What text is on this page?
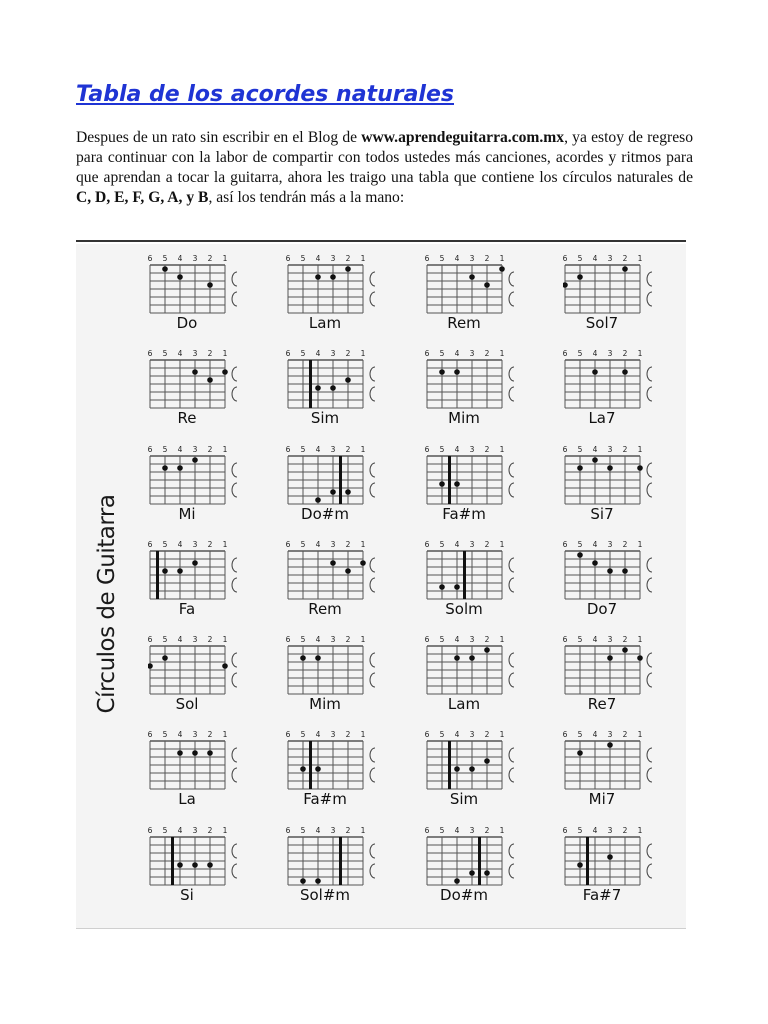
Tabla de los acordes naturales

Despues de un rato sin escribir en el Blog de www.aprendeguitarra.com.mx, ya estoy de regreso para continuar con la labor de compartir con todos ustedes más canciones, acordes y ritmos para que aprendan a tocar la guitarra, ahora les traigo una tabla que contiene los círculos naturales de C, D, E, F, G, A, y B, así los tendrán más a la mano:

Círculos de Guitarra
6 5 4 3 2 1
Do
6 5 4 3 2 1
Lam
6 5 4 3 2 1
Rem
6 5 4 3 2 1
Sol7
6 5 4 3 2 1
Re
6 5 4 3 2 1
Sim
6 5 4 3 2 1
Mim
6 5 4 3 2 1
La7
6 5 4 3 2 1
Mi
6 5 4 3 2 1
Do#m
6 5 4 3 2 1
Fa#m
6 5 4 3 2 1
Si7
6 5 4 3 2 1
Fa
6 5 4 3 2 1
Rem
6 5 4 3 2 1
Solm
6 5 4 3 2 1
Do7
6 5 4 3 2 1
Sol
6 5 4 3 2 1
Mim
6 5 4 3 2 1
Lam
6 5 4 3 2 1
Re7
6 5 4 3 2 1
La
6 5 4 3 2 1
Fa#m
6 5 4 3 2 1
Sim
6 5 4 3 2 1
Mi7
6 5 4 3 2 1
Si
6 5 4 3 2 1
Sol#m
6 5 4 3 2 1
Do#m
6 5 4 3 2 1
Fa#7
